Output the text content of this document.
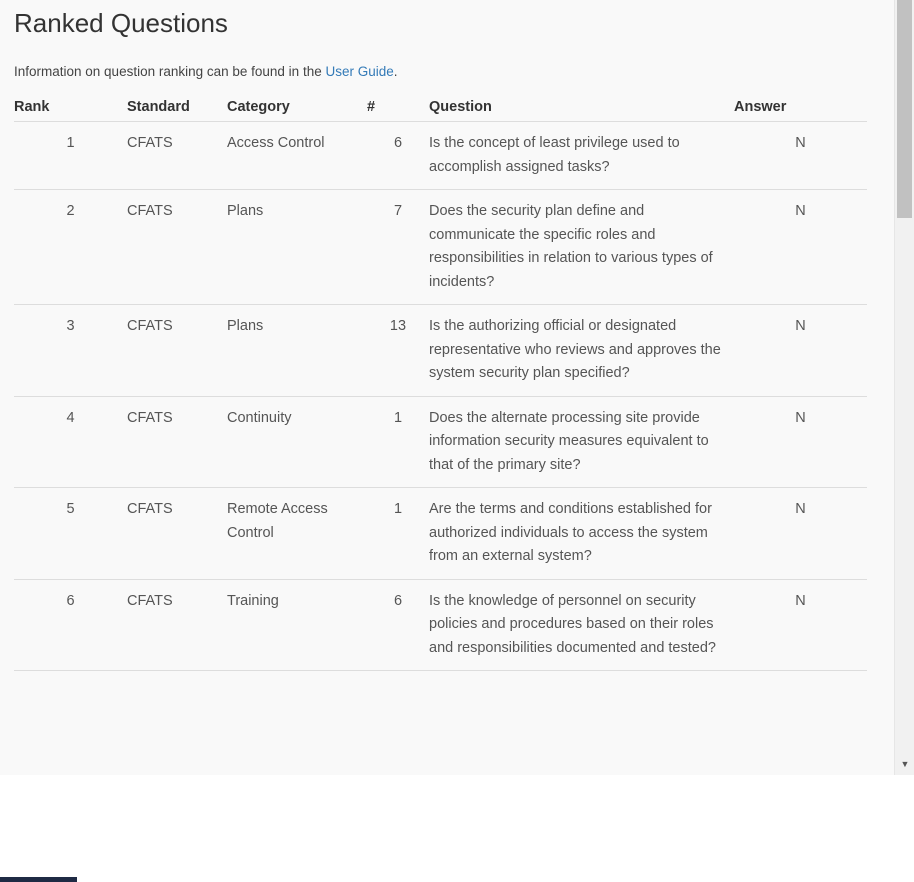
Ranked Questions

Information on question ranking can be found in the User Guide.

Rank	Standard	Category	#	Question	Answer
1	CFATS	Access Control	6	Is the concept of least privilege used to accomplish assigned tasks?	N
2	CFATS	Plans	7	Does the security plan define and communicate the specific roles and responsibilities in relation to various types of incidents?	N
3	CFATS	Plans	13	Is the authorizing official or designated representative who reviews and approves the system security plan specified?	N
4	CFATS	Continuity	1	Does the alternate processing site provide information security measures equivalent to that of the primary site?	N
5	CFATS	Remote Access Control	1	Are the terms and conditions established for authorized individuals to access the system from an external system?	N
6	CFATS	Training	6	Is the knowledge of personnel on security policies and procedures based on their roles and responsibilities documented and tested?	N
▼
